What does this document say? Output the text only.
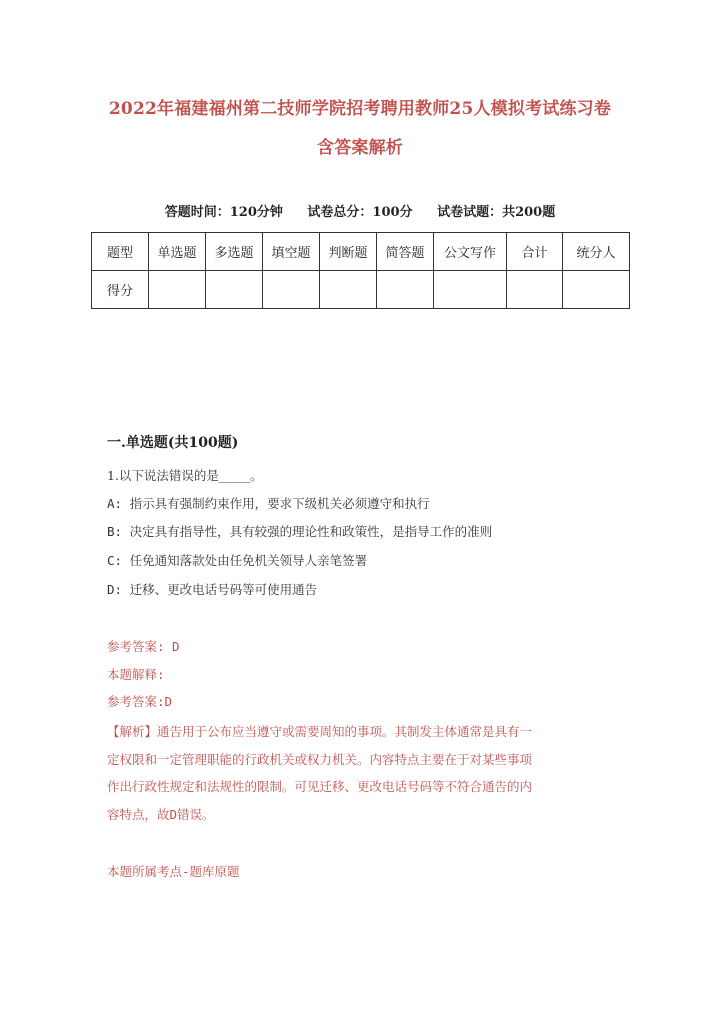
2022年福建福州第二技师学院招考聘用教师25人模拟考试练习卷
含答案解析
答题时间：120分钟 试卷总分：100分 试卷试题：共200题
题型	单选题	多选题	填空题	判断题	简答题	公文写作	合计	统分人
得分								
一.单选题(共100题)
1.以下说法错误的是_____。
A: 指示具有强制约束作用，要求下级机关必须遵守和执行
B: 决定具有指导性，具有较强的理论性和政策性，是指导工作的准则
C: 任免通知落款处由任免机关领导人亲笔签署
D: 迁移、更改电话号码等可使用通告
参考答案: D
本题解释:
参考答案:D
【解析】通告用于公布应当遵守或需要周知的事项。其制发主体通常是具有一
定权限和一定管理职能的行政机关或权力机关。内容特点主要在于对某些事项
作出行政性规定和法规性的限制。可见迁移、更改电话号码等不符合通告的内
容特点，故D错误。
本题所属考点-题库原题
